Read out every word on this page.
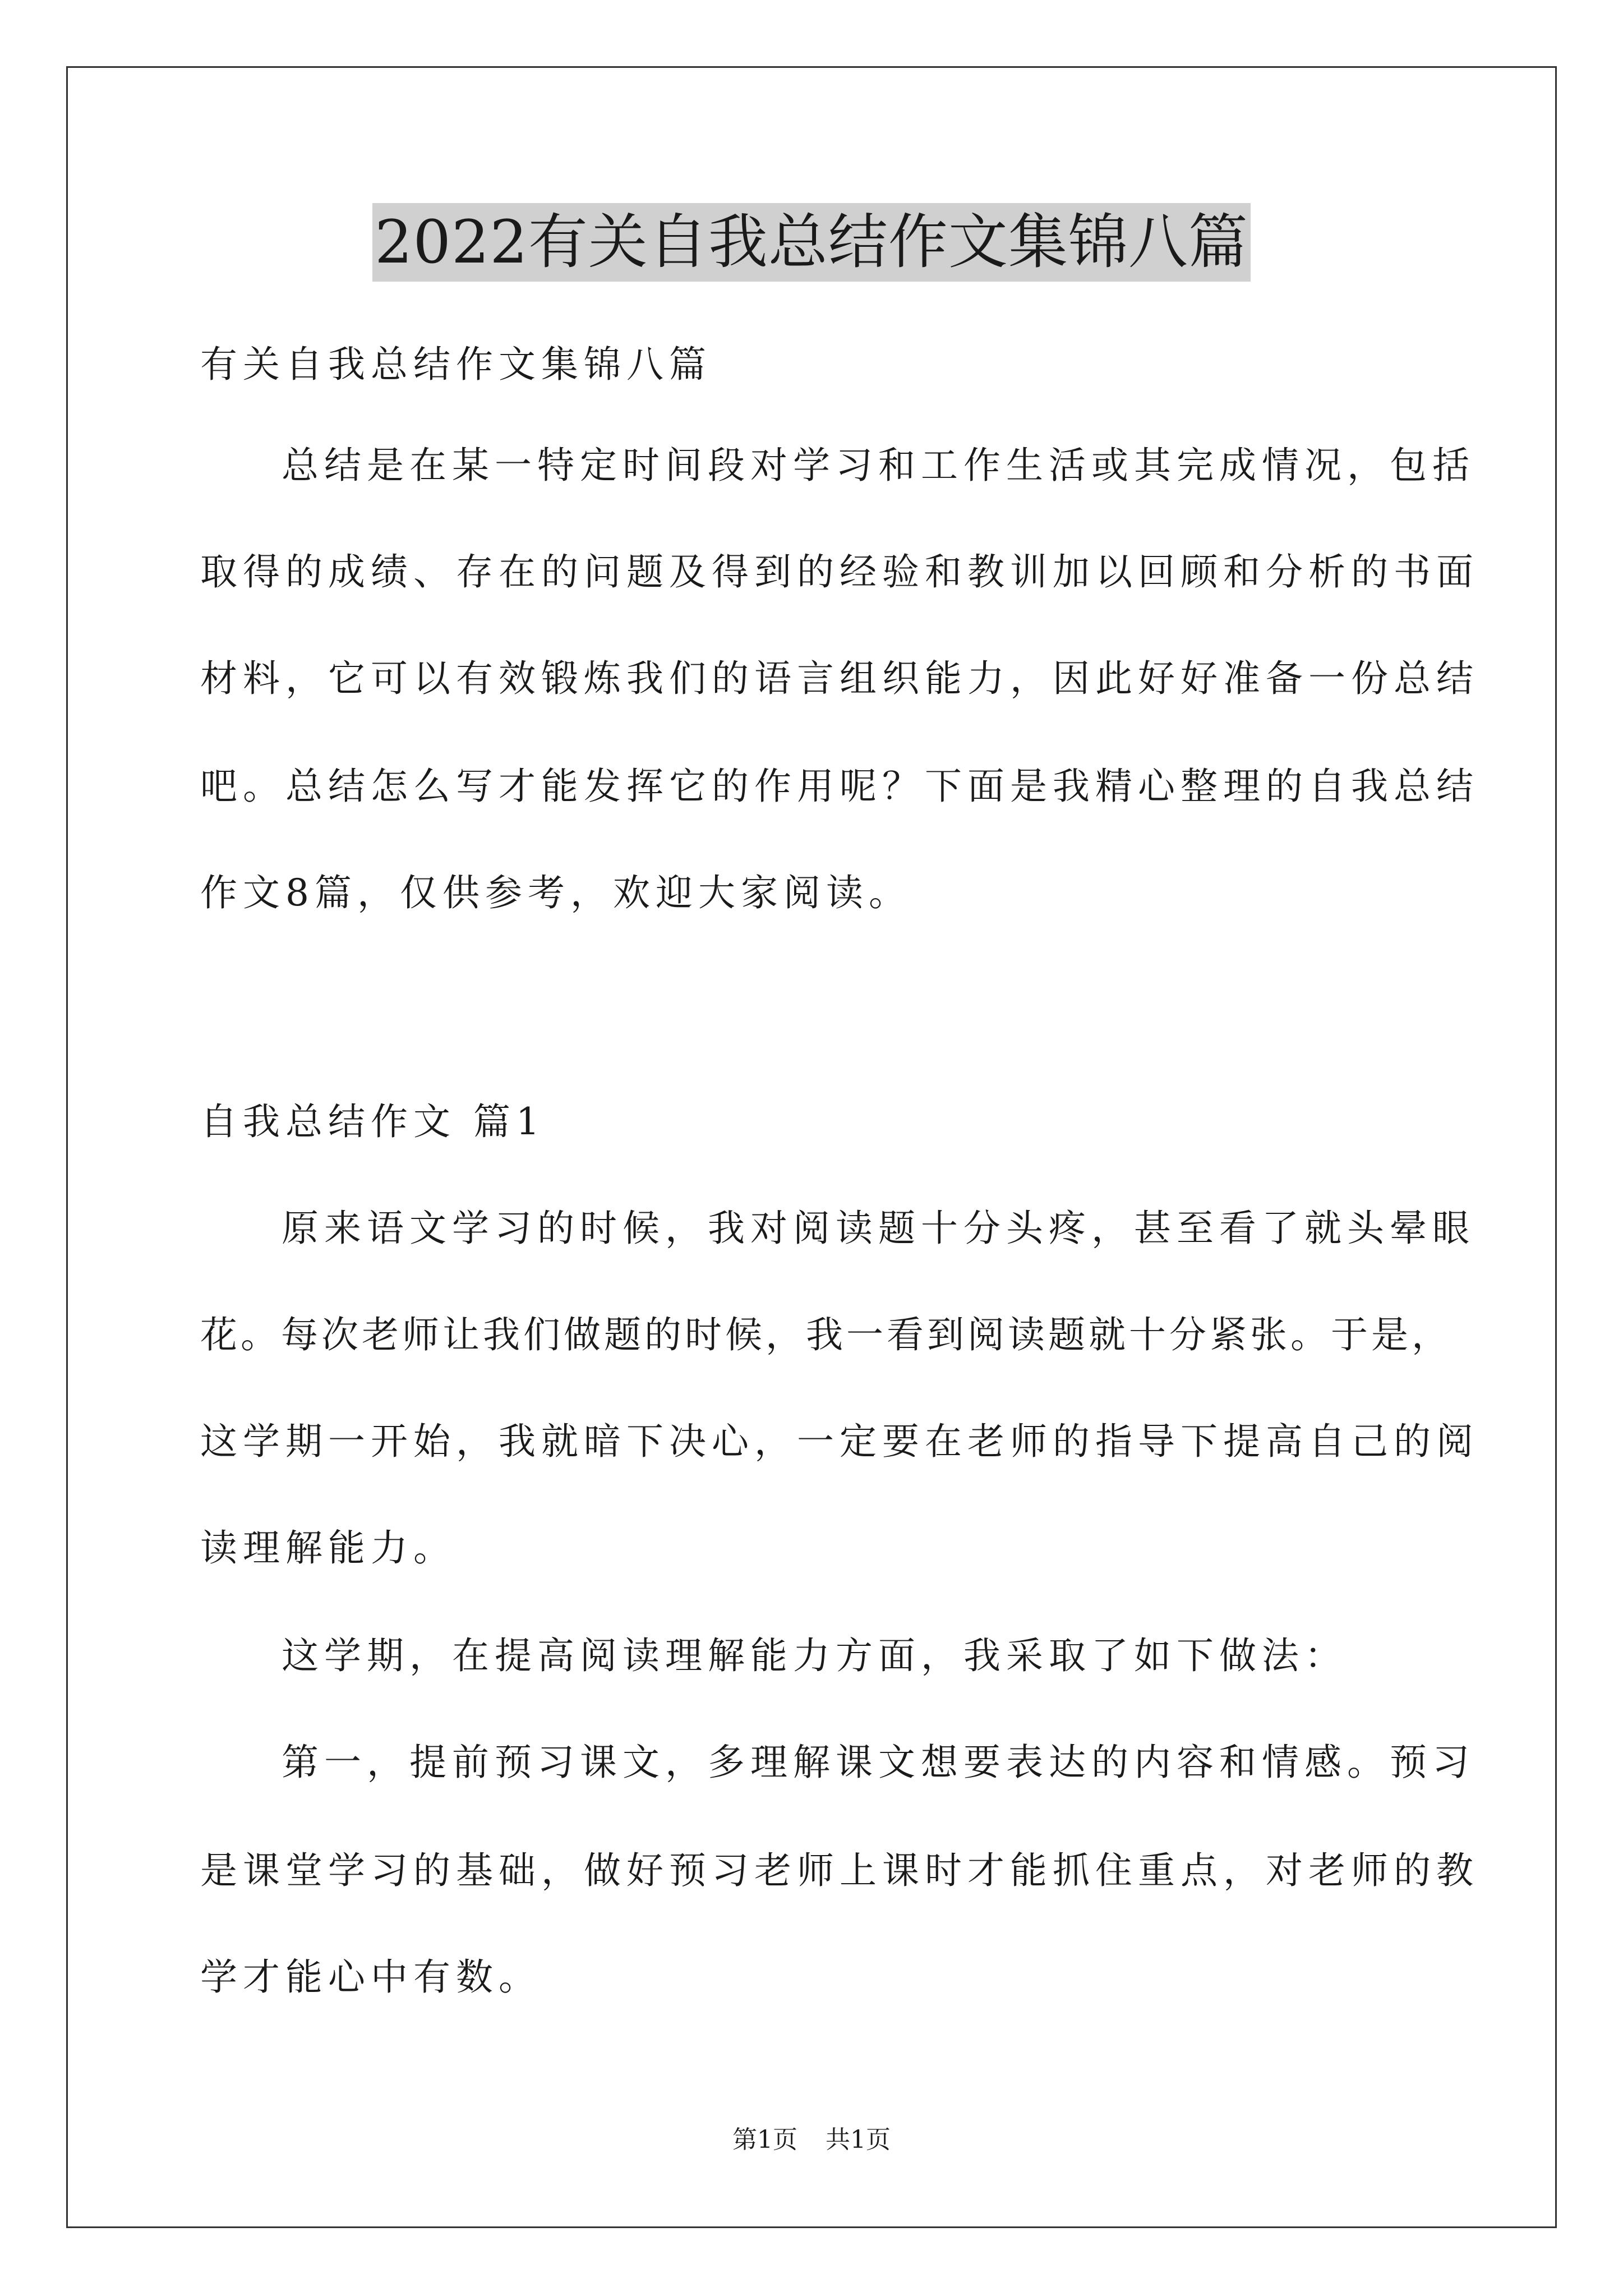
2022有关自我总结作文集锦八篇
有关自我总结作文集锦八篇
总结是在某一特定时间段对学习和工作生活或其完成情况，包括
取得的成绩、存在的问题及得到的经验和教训加以回顾和分析的书面
材料，它可以有效锻炼我们的语言组织能力，因此好好准备一份总结
吧。总结怎么写才能发挥它的作用呢？下面是我精心整理的自我总结
作文8篇，仅供参考，欢迎大家阅读。
自我总结作文 篇1
原来语文学习的时候，我对阅读题十分头疼，甚至看了就头晕眼
花。每次老师让我们做题的时候，我一看到阅读题就十分紧张。于是，
这学期一开始，我就暗下决心，一定要在老师的指导下提高自己的阅
读理解能力。
这学期，在提高阅读理解能力方面，我采取了如下做法：
第一，提前预习课文，多理解课文想要表达的内容和情感。预习
是课堂学习的基础，做好预习老师上课时才能抓住重点，对老师的教
学才能心中有数。
第1页 共1页
